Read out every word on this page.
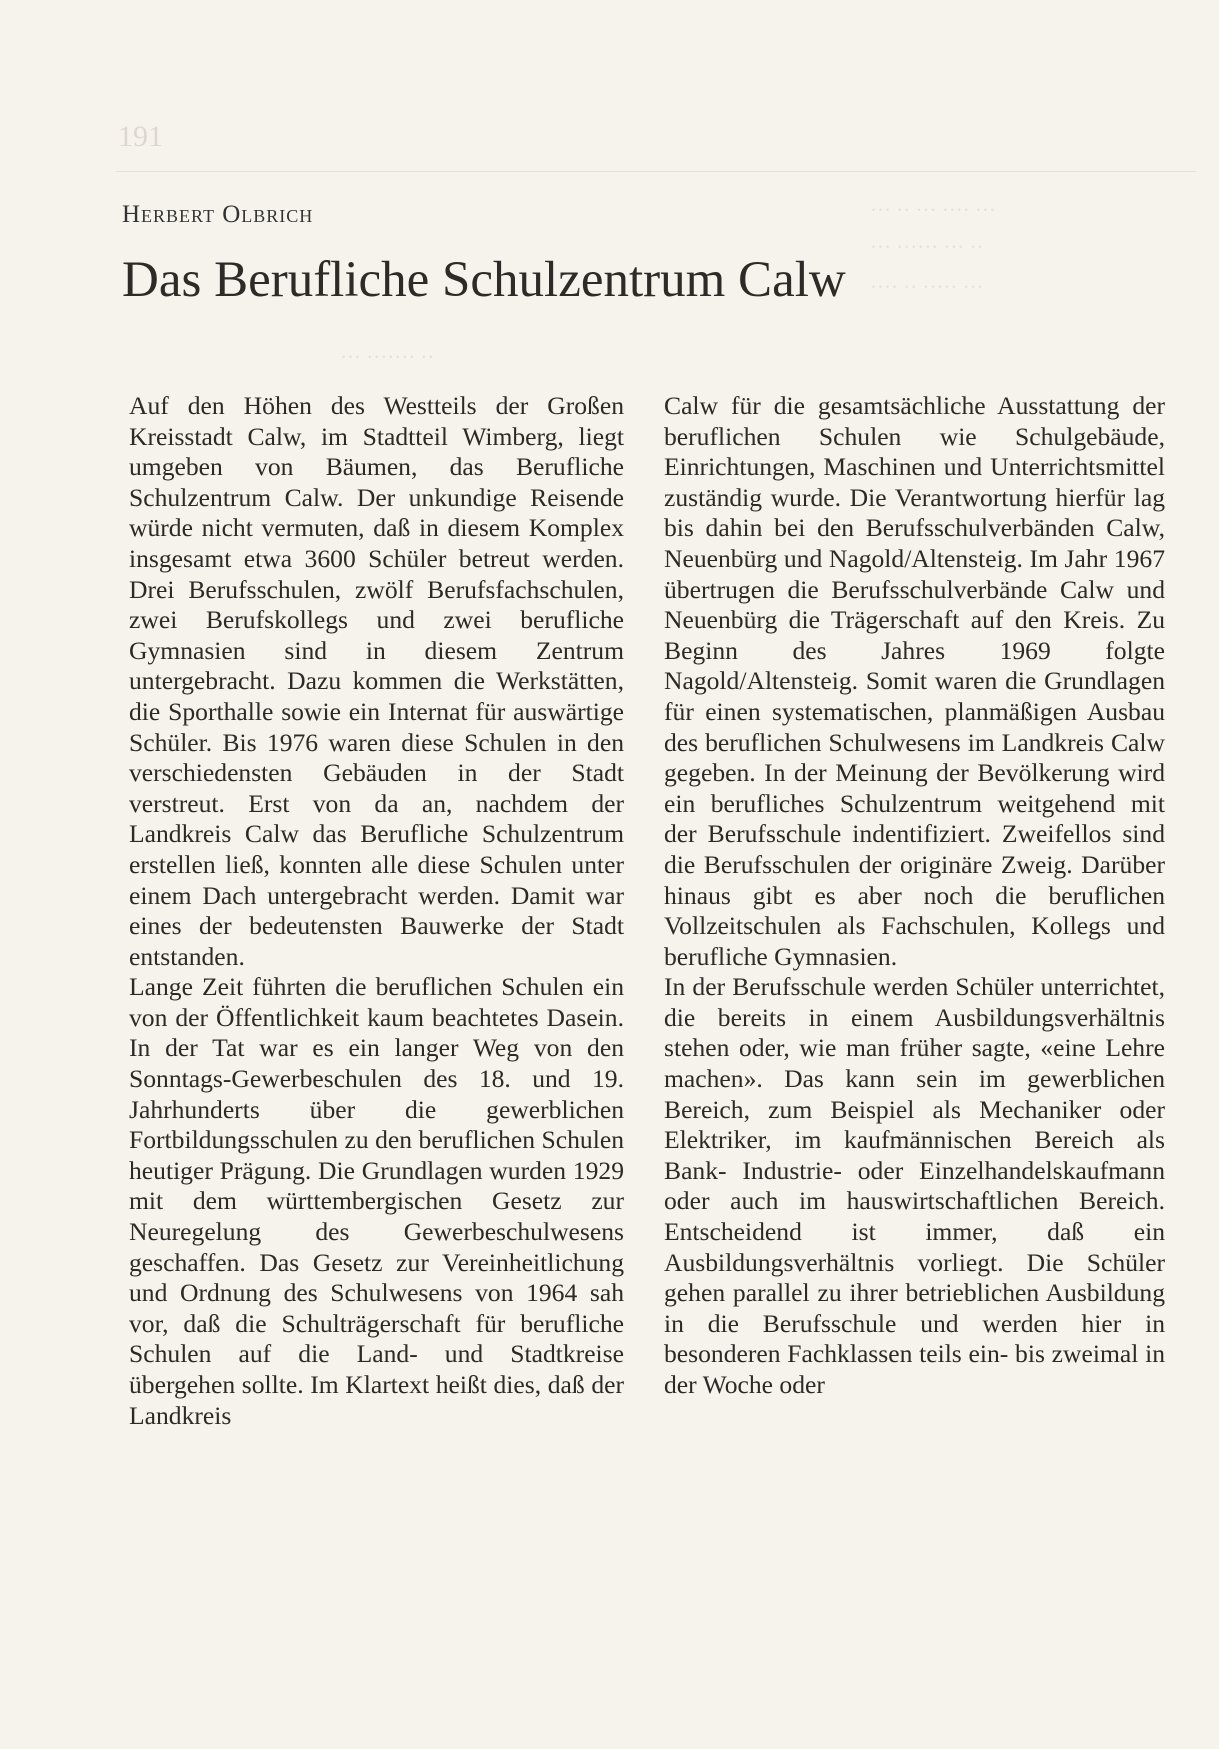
191
··· ·· ··· ···· ···
··· ······ ··· ··
···· ·· ····· ···
··· ······· ··
Herbert Olbrich
Das Berufliche Schulzentrum Calw

Auf den Höhen des Westteils der Großen Kreisstadt Calw, im Stadtteil Wimberg, liegt umgeben von Bäumen, das Berufliche Schulzentrum Calw. Der unkundige Reisende würde nicht vermuten, daß in diesem Komplex insgesamt etwa 3600 Schüler betreut werden. Drei Berufsschulen, zwölf Berufsfachschulen, zwei Berufskollegs und zwei berufliche Gymnasien sind in diesem Zentrum untergebracht. Dazu kommen die Werkstätten, die Sporthalle sowie ein Internat für auswärtige Schüler. Bis 1976 waren diese Schulen in den verschiedensten Gebäuden in der Stadt verstreut. Erst von da an, nachdem der Landkreis Calw das Berufliche Schulzentrum erstellen ließ, konnten alle diese Schulen unter einem Dach untergebracht werden. Damit war eines der bedeutensten Bauwerke der Stadt entstanden.

Lange Zeit führten die beruflichen Schulen ein von der Öffentlichkeit kaum beachtetes Dasein. In der Tat war es ein langer Weg von den Sonntags-Gewerbeschulen des 18. und 19. Jahrhunderts über die gewerblichen Fortbildungsschulen zu den beruflichen Schulen heutiger Prägung. Die Grundlagen wurden 1929 mit dem württembergischen Gesetz zur Neuregelung des Gewerbeschulwesens geschaffen. Das Gesetz zur Vereinheitlichung und Ordnung des Schulwesens von 1964 sah vor, daß die Schulträgerschaft für berufliche Schulen auf die Land- und Stadtkreise übergehen sollte. Im Klartext heißt dies, daß der Landkreis

Calw für die gesamtsächliche Ausstattung der beruflichen Schulen wie Schulgebäude, Einrichtungen, Maschinen und Unterrichtsmittel zuständig wurde. Die Verantwortung hierfür lag bis dahin bei den Berufsschulverbänden Calw, Neuenbürg und Nagold/Altensteig. Im Jahr 1967 übertrugen die Berufsschulverbände Calw und Neuenbürg die Trägerschaft auf den Kreis. Zu Beginn des Jahres 1969 folgte Nagold/Altensteig. Somit waren die Grundlagen für einen systematischen, planmäßigen Ausbau des beruflichen Schulwesens im Landkreis Calw gegeben. In der Meinung der Bevölkerung wird ein berufliches Schulzentrum weitgehend mit der Berufsschule indentifiziert. Zweifellos sind die Berufsschulen der originäre Zweig. Darüber hinaus gibt es aber noch die beruflichen Vollzeitschulen als Fachschulen, Kollegs und berufliche Gymnasien.

In der Berufsschule werden Schüler unterrichtet, die bereits in einem Ausbildungsverhältnis stehen oder, wie man früher sagte, «eine Lehre machen». Das kann sein im gewerblichen Bereich, zum Beispiel als Mechaniker oder Elektriker, im kaufmännischen Bereich als Bank- Industrie- oder Einzelhandelskaufmann oder auch im hauswirtschaftlichen Bereich. Entscheidend ist immer, daß ein Ausbildungsverhältnis vorliegt. Die Schüler gehen parallel zu ihrer betrieblichen Ausbildung in die Berufsschule und werden hier in besonderen Fachklassen teils ein- bis zweimal in der Woche oder
